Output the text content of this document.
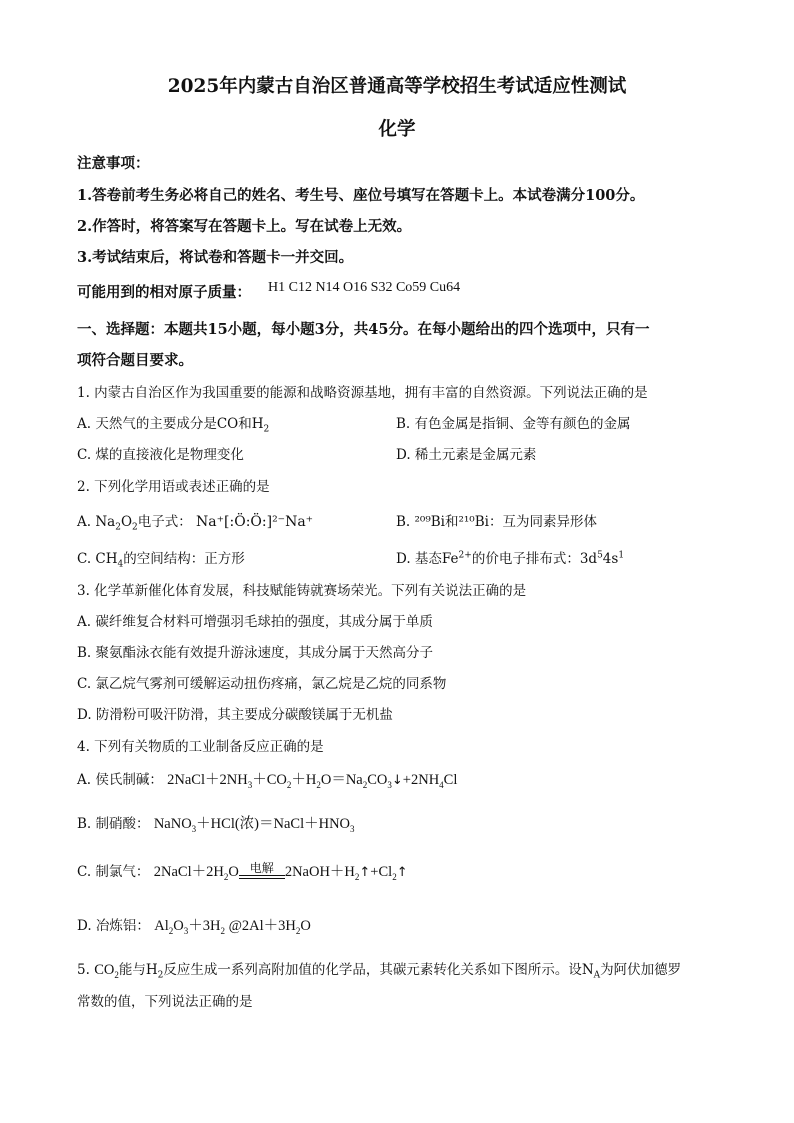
2025年内蒙古自治区普通高等学校招生考试适应性测试
化学
注意事项：
1.答卷前考生务必将自己的姓名、考生号、座位号填写在答题卡上。本试卷满分100分。
2.作答时，将答案写在答题卡上。写在试卷上无效。
3.考试结束后，将试卷和答题卡一并交回。
可能用到的相对原子质量： H1 C12 N14 O16 S32 Co59 Cu64
一、选择题：本题共15小题，每小题3分，共45分。在每小题给出的四个选项中，只有一
项符合题目要求。
1. 内蒙古自治区作为我国重要的能源和战略资源基地，拥有丰富的自然资源。下列说法正确的是
A. 天然气的主要成分是CO和$H_2$	B. 有色金属是指铜、金等有颜色的金属
C. 煤的直接液化是物理变化	D. 稀土元素是金属元素
2. 下列化学用语或表述正确的是
A. $Na_2O_2$电子式： Na⁺[:Ö:Ö:]²⁻Na⁺	B. ²⁰⁹Bi和²¹⁰Bi：互为同素异形体
C. $CH_4$的空间结构：正方形	D. 基态$Fe^{2+}$的价电子排布式：$3d^54s^1$
3. 化学革新催化体育发展，科技赋能铸就赛场荣光。下列有关说法正确的是
A. 碳纤维复合材料可增强羽毛球拍的强度，其成分属于单质
B. 聚氨酯泳衣能有效提升游泳速度，其成分属于天然高分子
C. 氯乙烷气雾剂可缓解运动扭伤疼痛，氯乙烷是乙烷的同系物
D. 防滑粉可吸汗防滑，其主要成分碳酸镁属于无机盐
4. 下列有关物质的工业制备反应正确的是
A. 侯氏制碱： $2NaCl+2NH_3+CO_2+H_2O=Na_2CO_3↓+2NH_4Cl$
B. 制硝酸： NaNO$_3$＋HCl(浓)$=NaCl+HNO_3$
C. 制氯气： $2NaCl+2H_2O$ 电解 $2NaOH+H_2↑+Cl_2↑$
D. 冶炼铝： $Al_2O_3+3H_2$ $@2Al+3H_2O$
5. $CO_2$能与$H_2$反应生成一系列高附加值的化学品，其碳元素转化关系如下图所示。设$N_A$为阿伏加德罗
常数的值，下列说法正确的是
